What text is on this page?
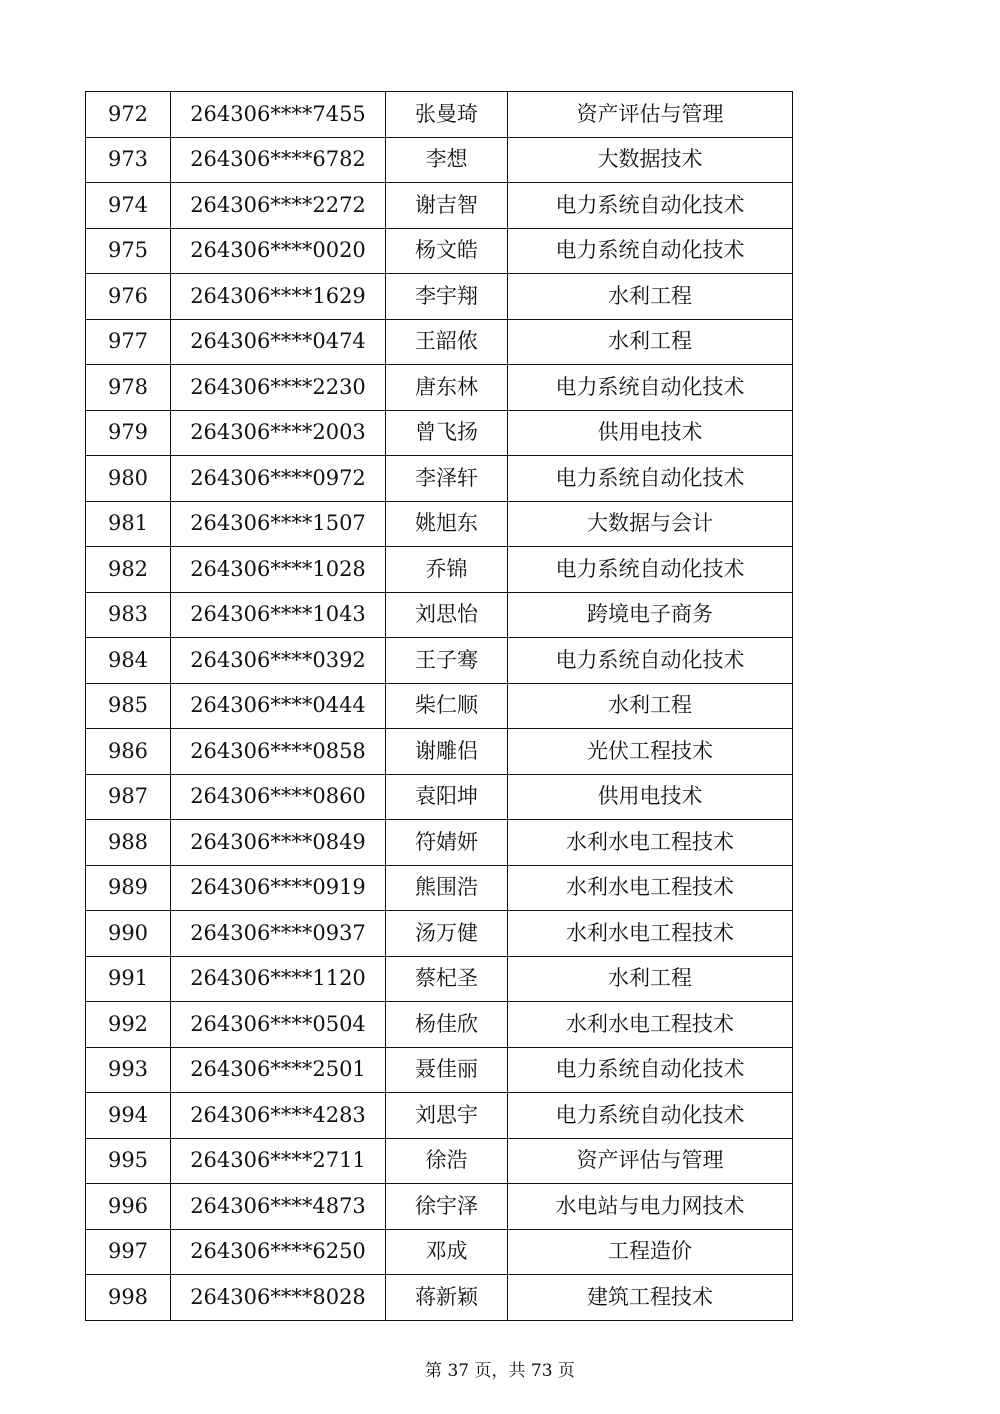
972	264306****7455	张曼琦	资产评估与管理
973	264306****6782	李想	大数据技术
974	264306****2272	谢吉智	电力系统自动化技术
975	264306****0020	杨文皓	电力系统自动化技术
976	264306****1629	李宇翔	水利工程
977	264306****0474	王韶侬	水利工程
978	264306****2230	唐东林	电力系统自动化技术
979	264306****2003	曾飞扬	供用电技术
980	264306****0972	李泽轩	电力系统自动化技术
981	264306****1507	姚旭东	大数据与会计
982	264306****1028	乔锦	电力系统自动化技术
983	264306****1043	刘思怡	跨境电子商务
984	264306****0392	王子骞	电力系统自动化技术
985	264306****0444	柴仁顺	水利工程
986	264306****0858	谢雕侣	光伏工程技术
987	264306****0860	袁阳坤	供用电技术
988	264306****0849	符婧妍	水利水电工程技术
989	264306****0919	熊围浩	水利水电工程技术
990	264306****0937	汤万健	水利水电工程技术
991	264306****1120	蔡杞圣	水利工程
992	264306****0504	杨佳欣	水利水电工程技术
993	264306****2501	聂佳丽	电力系统自动化技术
994	264306****4283	刘思宇	电力系统自动化技术
995	264306****2711	徐浩	资产评估与管理
996	264306****4873	徐宇泽	水电站与电力网技术
997	264306****6250	邓成	工程造价
998	264306****8028	蒋新颖	建筑工程技术
第 37 页，共 73 页
